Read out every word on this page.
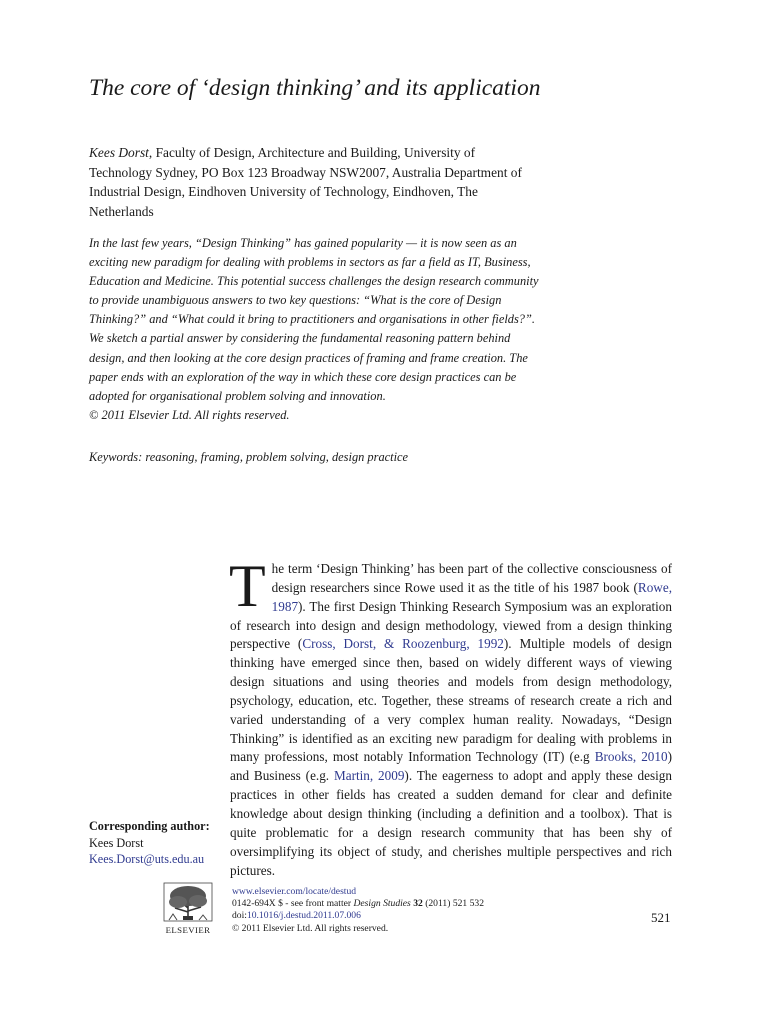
The core of ‘design thinking’ and its application

Kees Dorst, Faculty of Design, Architecture and Building, University of Technology Sydney, PO Box 123 Broadway NSW2007, Australia Department of Industrial Design, Eindhoven University of Technology, Eindhoven, The Netherlands

In the last few years, “Design Thinking” has gained popularity — it is now seen as an exciting new paradigm for dealing with problems in sectors as far a field as IT, Business, Education and Medicine. This potential success challenges the design research community to provide unambiguous answers to two key questions: “What is the core of Design Thinking?” and “What could it bring to practitioners and organisations in other fields?”. We sketch a partial answer by considering the fundamental reasoning pattern behind design, and then looking at the core design practices of framing and frame creation. The paper ends with an exploration of the way in which these core design practices can be adopted for organisational problem solving and innovation.
© 2011 Elsevier Ltd. All rights reserved.

Keywords: reasoning, framing, problem solving, design practice

The term ‘Design Thinking’ has been part of the collective consciousness of design researchers since Rowe used it as the title of his 1987 book (Rowe, 1987). The first Design Thinking Research Symposium was an exploration of research into design and design methodology, viewed from a design thinking perspective (Cross, Dorst, & Roozenburg, 1992). Multiple models of design thinking have emerged since then, based on widely different ways of viewing design situations and using theories and models from design methodology, psychology, education, etc. Together, these streams of research create a rich and varied understanding of a very complex human reality. Nowadays, “Design Thinking” is identified as an exciting new paradigm for dealing with problems in many professions, most notably Information Technology (IT) (e.g Brooks, 2010) and Business (e.g. Martin, 2009). The eagerness to adopt and apply these design practices in other fields has created a sudden demand for clear and definite knowledge about design thinking (including a definition and a toolbox). That is quite problematic for a design research community that has been shy of oversimplifying its object of study, and cherishes multiple perspectives and rich pictures.

Corresponding author:
Kees Dorst
Kees.Dorst@uts.edu.au
ELSEVIER
www.elsevier.com/locate/destud
0142-694X $ - see front matter Design Studies 32 (2011) 521 532
doi:10.1016/j.destud.2011.07.006
© 2011 Elsevier Ltd. All rights reserved.
521
